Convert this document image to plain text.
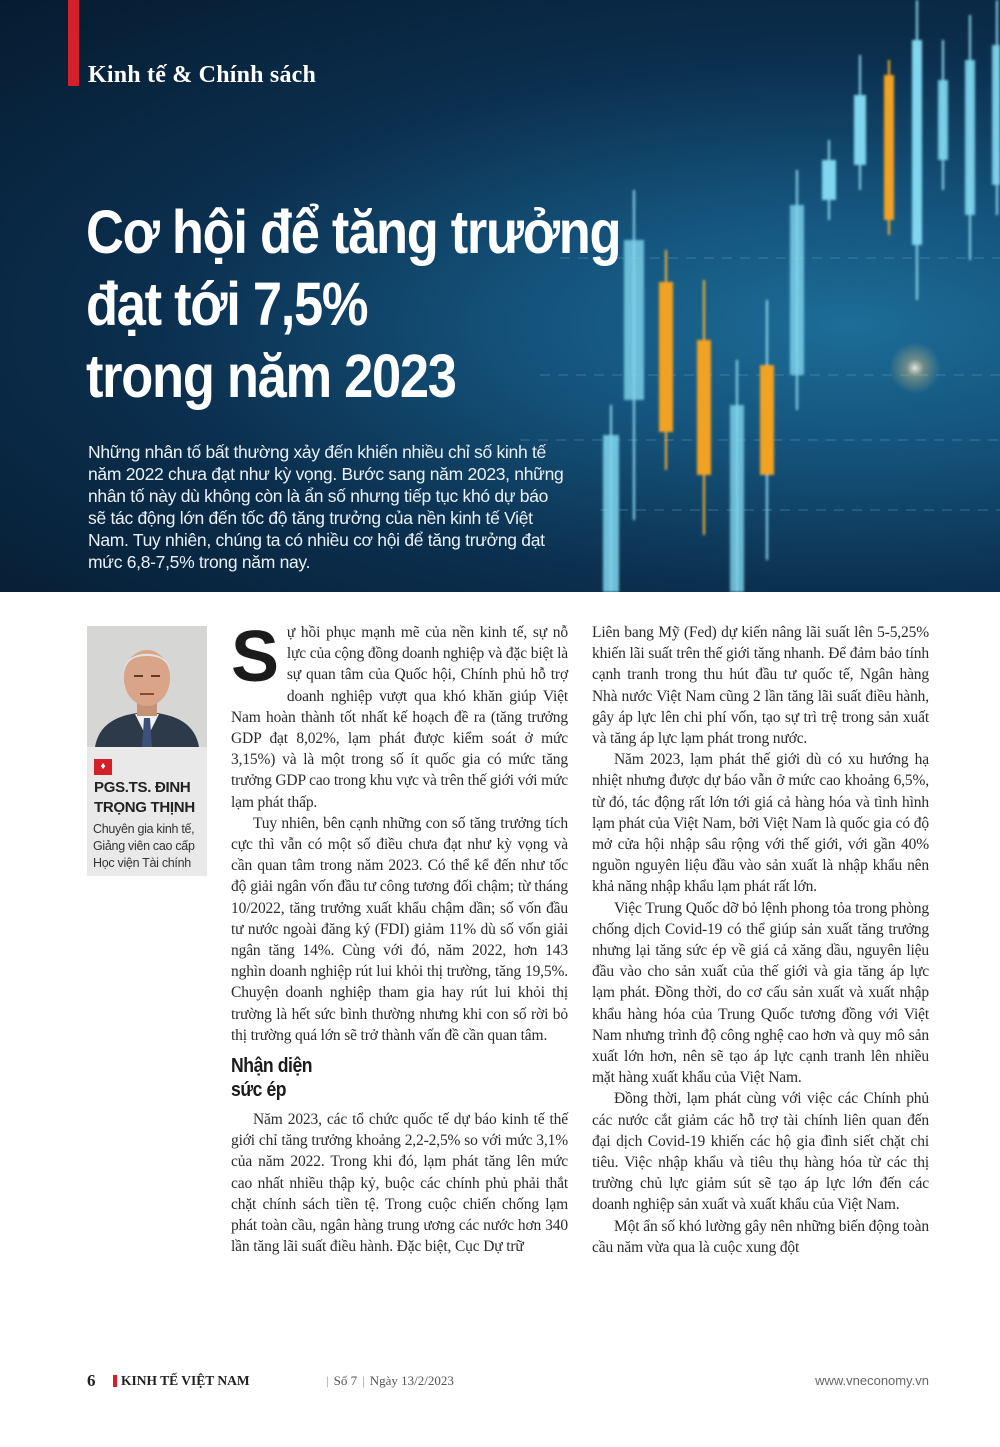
Kinh tế & Chính sách
Cơ hội để tăng trưởng
đạt tới 7,5%
trong năm 2023

Những nhân tố bất thường xảy đến khiến nhiều chỉ số kinh tế năm 2022 chưa đạt như kỳ vọng. Bước sang năm 2023, những nhân tố này dù không còn là ẩn số nhưng tiếp tục khó dự báo sẽ tác động lớn đến tốc độ tăng trưởng của nền kinh tế Việt Nam. Tuy nhiên, chúng ta có nhiều cơ hội để tăng trưởng đạt mức 6,8-7,5% trong năm nay.

♦
PGS.TS. ĐINH TRỌNG THỊNH
Chuyên gia kinh tế,
Giảng viên cao cấp
Học viện Tài chính

Sự hồi phục mạnh mẽ của nền kinh tế, sự nỗ lực của cộng đồng doanh nghiệp và đặc biệt là sự quan tâm của Quốc hội, Chính phủ hỗ trợ doanh nghiệp vượt qua khó khăn giúp Việt Nam hoàn thành tốt nhất kế hoạch đề ra (tăng trưởng GDP đạt 8,02%, lạm phát được kiểm soát ở mức 3,15%) và là một trong số ít quốc gia có mức tăng trưởng GDP cao trong khu vực và trên thế giới với mức lạm phát thấp.

Tuy nhiên, bên cạnh những con số tăng trưởng tích cực thì vẫn có một số điều chưa đạt như kỳ vọng và cần quan tâm trong năm 2023. Có thể kể đến như tốc độ giải ngân vốn đầu tư công tương đối chậm; từ tháng 10/2022, tăng trưởng xuất khẩu chậm dần; số vốn đầu tư nước ngoài đăng ký (FDI) giảm 11% dù số vốn giải ngân tăng 14%. Cùng với đó, năm 2022, hơn 143 nghìn doanh nghiệp rút lui khỏi thị trường, tăng 19,5%. Chuyện doanh nghiệp tham gia hay rút lui khỏi thị trường là hết sức bình thường nhưng khi con số rời bỏ thị trường quá lớn sẽ trở thành vấn đề cần quan tâm.

Nhận diện
sức ép

Năm 2023, các tổ chức quốc tế dự báo kinh tế thế giới chỉ tăng trưởng khoảng 2,2-2,5% so với mức 3,1% của năm 2022. Trong khi đó, lạm phát tăng lên mức cao nhất nhiều thập kỷ, buộc các chính phủ phải thắt chặt chính sách tiền tệ. Trong cuộc chiến chống lạm phát toàn cầu, ngân hàng trung ương các nước hơn 340 lần tăng lãi suất điều hành. Đặc biệt, Cục Dự trữ

Liên bang Mỹ (Fed) dự kiến nâng lãi suất lên 5-5,25% khiến lãi suất trên thế giới tăng nhanh. Để đảm bảo tính cạnh tranh trong thu hút đầu tư quốc tế, Ngân hàng Nhà nước Việt Nam cũng 2 lần tăng lãi suất điều hành, gây áp lực lên chi phí vốn, tạo sự trì trệ trong sản xuất và tăng áp lực lạm phát trong nước.

Năm 2023, lạm phát thế giới dù có xu hướng hạ nhiệt nhưng được dự báo vẫn ở mức cao khoảng 6,5%, từ đó, tác động rất lớn tới giá cả hàng hóa và tình hình lạm phát của Việt Nam, bởi Việt Nam là quốc gia có độ mở cửa hội nhập sâu rộng với thế giới, với gần 40% nguồn nguyên liệu đầu vào sản xuất là nhập khẩu nên khả năng nhập khẩu lạm phát rất lớn.

Việc Trung Quốc dỡ bỏ lệnh phong tỏa trong phòng chống dịch Covid-19 có thể giúp sản xuất tăng trưởng nhưng lại tăng sức ép về giá cả xăng dầu, nguyên liệu đầu vào cho sản xuất của thế giới và gia tăng áp lực lạm phát. Đồng thời, do cơ cấu sản xuất và xuất nhập khẩu hàng hóa của Trung Quốc tương đồng với Việt Nam nhưng trình độ công nghệ cao hơn và quy mô sản xuất lớn hơn, nên sẽ tạo áp lực cạnh tranh lên nhiều mặt hàng xuất khẩu của Việt Nam.

Đồng thời, lạm phát cùng với việc các Chính phủ các nước cắt giảm các hỗ trợ tài chính liên quan đến đại dịch Covid-19 khiến các hộ gia đình siết chặt chi tiêu. Việc nhập khẩu và tiêu thụ hàng hóa từ các thị trường chủ lực giảm sút sẽ tạo áp lực lớn đến các doanh nghiệp sản xuất và xuất khẩu của Việt Nam.

Một ẩn số khó lường gây nên những biến động toàn cầu năm vừa qua là cuộc xung đột

6 KINH TẾ VIỆT NAM	| Số 7 | Ngày 13/2/2023	www.vneconomy.vn
